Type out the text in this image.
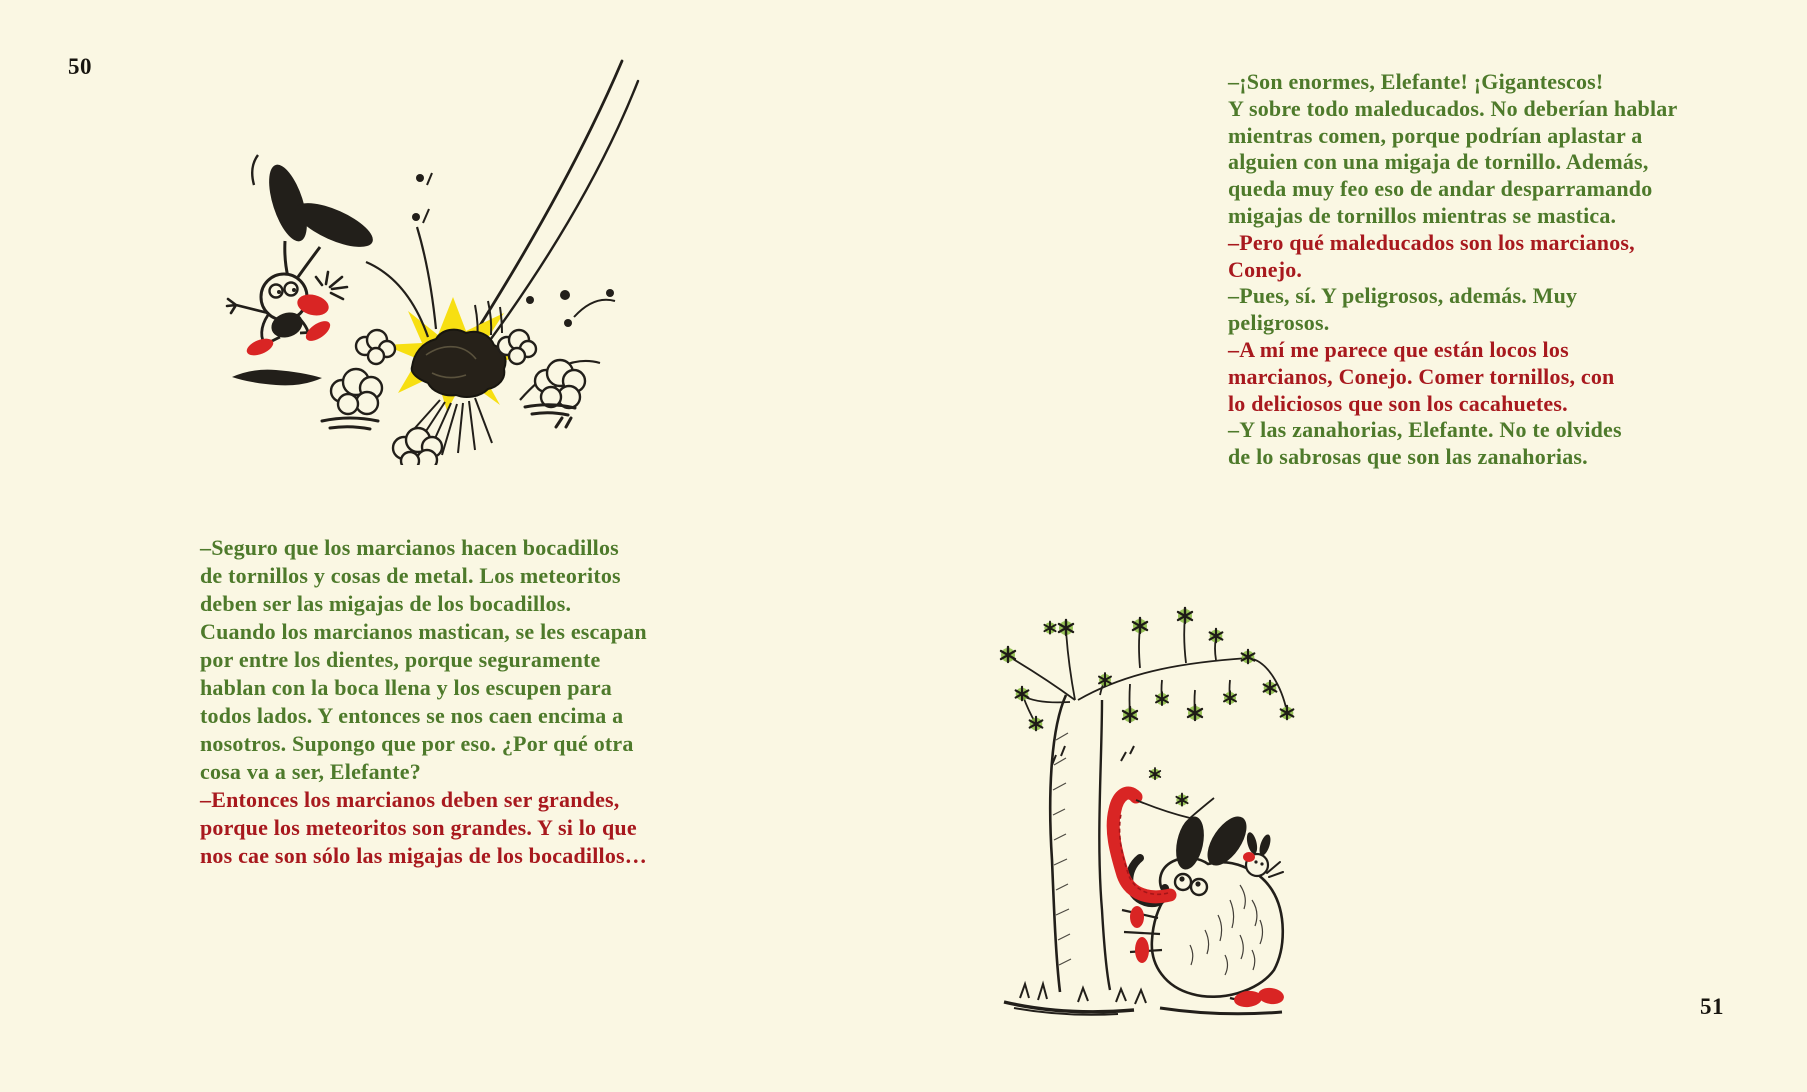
50
51
–Seguro que los marcianos hacen bocadillos
de tornillos y cosas de metal. Los meteoritos
deben ser las migajas de los bocadillos.
Cuando los marcianos mastican, se les escapan
por entre los dientes, porque seguramente
hablan con la boca llena y los escupen para
todos lados. Y entonces se nos caen encima a
nosotros. Supongo que por eso. ¿Por qué otra
cosa va a ser, Elefante?
–Entonces los marcianos deben ser grandes,
porque los meteoritos son grandes. Y si lo que
nos cae son sólo las migajas de los bocadillos…
–¡Son enormes, Elefante! ¡Gigantescos!
Y sobre todo maleducados. No deberían hablar
mientras comen, porque podrían aplastar a
alguien con una migaja de tornillo. Además,
queda muy feo eso de andar desparramando
migajas de tornillos mientras se mastica.
–Pero qué maleducados son los marcianos,
Conejo.
–Pues, sí. Y peligrosos, además. Muy
peligrosos.
–A mí me parece que están locos los
marcianos, Conejo. Comer tornillos, con
lo deliciosos que son los cacahuetes.
–Y las zanahorias, Elefante. No te olvides
de lo sabrosas que son las zanahorias.
